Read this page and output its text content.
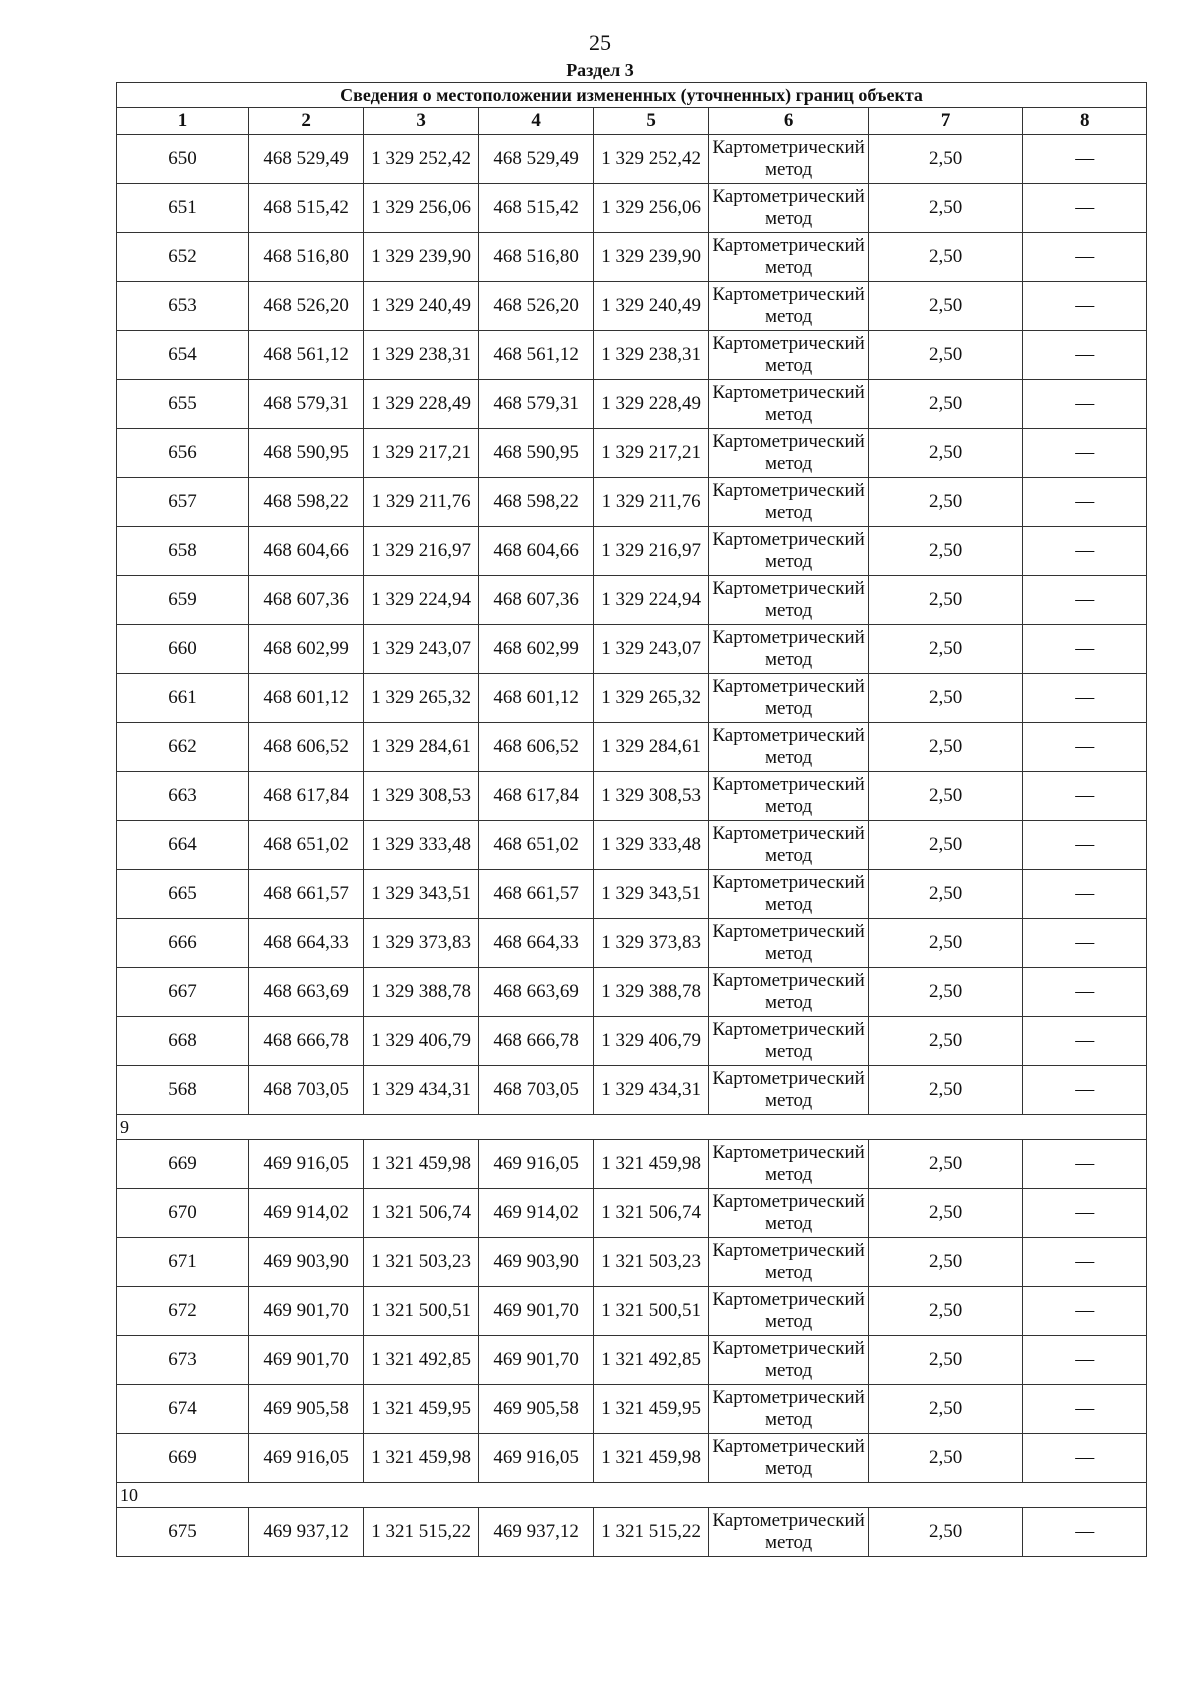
25
Раздел 3
Сведения о местоположении измененных (уточненных) границ объекта							
1	2	3	4	5	6	7	8
650	468 529,49	1 329 252,42	468 529,49	1 329 252,42	Картометрический метод	2,50	—
651	468 515,42	1 329 256,06	468 515,42	1 329 256,06	Картометрический метод	2,50	—
652	468 516,80	1 329 239,90	468 516,80	1 329 239,90	Картометрический метод	2,50	—
653	468 526,20	1 329 240,49	468 526,20	1 329 240,49	Картометрический метод	2,50	—
654	468 561,12	1 329 238,31	468 561,12	1 329 238,31	Картометрический метод	2,50	—
655	468 579,31	1 329 228,49	468 579,31	1 329 228,49	Картометрический метод	2,50	—
656	468 590,95	1 329 217,21	468 590,95	1 329 217,21	Картометрический метод	2,50	—
657	468 598,22	1 329 211,76	468 598,22	1 329 211,76	Картометрический метод	2,50	—
658	468 604,66	1 329 216,97	468 604,66	1 329 216,97	Картометрический метод	2,50	—
659	468 607,36	1 329 224,94	468 607,36	1 329 224,94	Картометрический метод	2,50	—
660	468 602,99	1 329 243,07	468 602,99	1 329 243,07	Картометрический метод	2,50	—
661	468 601,12	1 329 265,32	468 601,12	1 329 265,32	Картометрический метод	2,50	—
662	468 606,52	1 329 284,61	468 606,52	1 329 284,61	Картометрический метод	2,50	—
663	468 617,84	1 329 308,53	468 617,84	1 329 308,53	Картометрический метод	2,50	—
664	468 651,02	1 329 333,48	468 651,02	1 329 333,48	Картометрический метод	2,50	—
665	468 661,57	1 329 343,51	468 661,57	1 329 343,51	Картометрический метод	2,50	—
666	468 664,33	1 329 373,83	468 664,33	1 329 373,83	Картометрический метод	2,50	—
667	468 663,69	1 329 388,78	468 663,69	1 329 388,78	Картометрический метод	2,50	—
668	468 666,78	1 329 406,79	468 666,78	1 329 406,79	Картометрический метод	2,50	—
568	468 703,05	1 329 434,31	468 703,05	1 329 434,31	Картометрический метод	2,50	—
9							
669	469 916,05	1 321 459,98	469 916,05	1 321 459,98	Картометрический метод	2,50	—
670	469 914,02	1 321 506,74	469 914,02	1 321 506,74	Картометрический метод	2,50	—
671	469 903,90	1 321 503,23	469 903,90	1 321 503,23	Картометрический метод	2,50	—
672	469 901,70	1 321 500,51	469 901,70	1 321 500,51	Картометрический метод	2,50	—
673	469 901,70	1 321 492,85	469 901,70	1 321 492,85	Картометрический метод	2,50	—
674	469 905,58	1 321 459,95	469 905,58	1 321 459,95	Картометрический метод	2,50	—
669	469 916,05	1 321 459,98	469 916,05	1 321 459,98	Картометрический метод	2,50	—
10							
675	469 937,12	1 321 515,22	469 937,12	1 321 515,22	Картометрический метод	2,50	—
